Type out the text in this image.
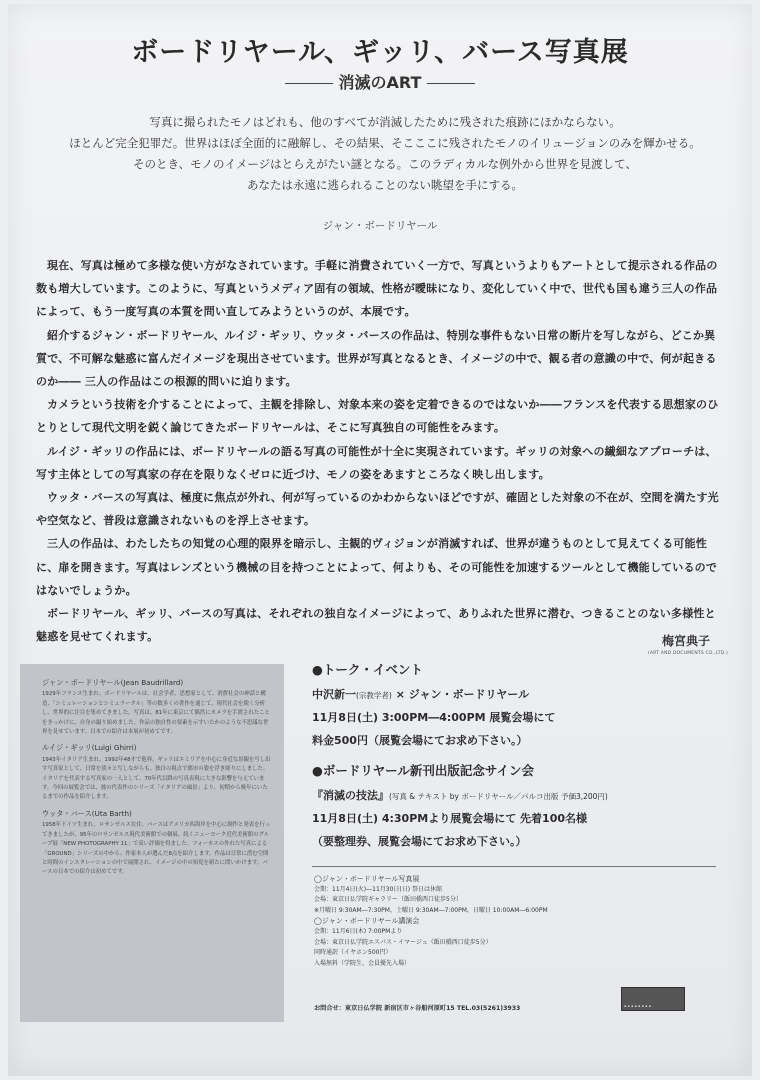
ボードリヤール、ギッリ、バース写真展
消滅のART
写真に撮られたモノはどれも、他のすべてが消滅したために残された痕跡にほかならない。
ほとんど完全犯罪だ。世界はほぼ全面的に融解し、その結果、そこここに残されたモノのイリュージョンのみを輝かせる。
そのとき、モノのイメージはとらえがたい謎となる。このラディカルな例外から世界を見渡して、
あなたは永遠に逃られることのない眺望を手にする。
ジャン・ボードリヤール

現在、写真は極めて多様な使い方がなされています。手軽に消費されていく一方で、写真というよりもアートとして提示される作品の数も増大しています。このように、写真というメディア固有の領域、性格が曖昧になり、変化していく中で、世代も国も違う三人の作品によって、もう一度写真の本質を問い直してみようというのが、本展です。

紹介するジャン・ボードリヤール、ルイジ・ギッリ、ウッタ・バースの作品は、特別な事件もない日常の断片を写しながら、どこか異質で、不可解な魅惑に富んだイメージを現出させています。世界が写真となるとき、イメージの中で、観る者の意識の中で、何が起きるのか―― 三人の作品はこの根源的問いに迫ります。

カメラという技術を介することによって、主観を排除し、対象本来の姿を定着できるのではないか――フランスを代表する思想家のひとりとして現代文明を鋭く論じてきたボードリヤールは、そこに写真独自の可能性をみます。

ルイジ・ギッリの作品には、ボードリヤールの語る写真の可能性が十全に実現されています。ギッリの対象への繊細なアプローチは、写す主体としての写真家の存在を限りなくゼロに近づけ、モノの姿をあますところなく映し出します。

ウッタ・バースの写真は、極度に焦点が外れ、何が写っているのかわからないほどですが、確固とした対象の不在が、空間を満たす光や空気など、普段は意識されないものを浮上させます。

三人の作品は、わたしたちの知覚の心理的限界を暗示し、主観的ヴィジョンが消滅すれば、世界が違うものとして見えてくる可能性に、扉を開きます。写真はレンズという機械の目を持つことによって、何よりも、その可能性を加速するツールとして機能しているのではないでしょうか。

ボードリヤール、ギッリ、バースの写真は、それぞれの独自なイメージによって、ありふれた世界に潜む、つきることのない多様性と魅惑を見せてくれます。	梅宮典子
(ART AND DOCUMENTS CO.,LTD.)
ジャン・ボードリヤール(Jean Baudrillard)
1929年フランス生まれ。ボードリヤールは、社会学者、思想家として、消費社会の神話と構造、「シミュレーションとシミュラークル」等の数多くの著作を通じて、現代社会を鋭く分析し、世界的に注目を集めてきました。写真は、81年に東京にて偶然にカメラを手渡されたことをきっかけに、自身の撮り始めました。作品の独自性の要素を示すいたかのような不思議な世界を見せています。日本での紹介は本展が初めてです。
ルイジ・ギッリ(Luigi Ghirri)
1943年イタリア生まれ。1992年48才で他界。ギッリはエミリアを中心に身近な景観を写し出す写真家として、日常を淡々と写しながらも、独自の視点で都市の姿を浮き彫りにしました。イタリアを代表する写真家の一人として、70年代以降の写真表現に大きな影響を与えています。今回の展覧会では、彼の代表作のシリーズ「イタリアの風景」より、初期から晩年にいたるまでの作品を紹介します。
ウッタ・バース(Uta Barth)
1958年ドイツ生まれ。ロサンゼルス在住。バースはアメリカ西海岸を中心に制作と発表を行ってきましたが、95年のロサンゼルス現代美術館での個展、続くニューヨーク近代美術館のグループ展「NEW PHOTOGRAPHY 11」で高い評価を得ました。フォーカスの外れた写真による「GROUND」シリーズの中から、作家本人が選んだ8点を紹介します。作品は日常に潜む空間と時間のインスタレーションの中で展開され、イメージの中の知覚を新たに問いかけます。バースの日本での紹介は初めてです。
●トーク・イベント
中沢新一(宗教学者) × ジャン・ボードリヤール
11月8日(土) 3:00PM―4:00PM 展覧会場にて
料金500円（展覧会場にてお求め下さい。）
●ボードリヤール新刊出版記念サイン会
『消滅の技法』(写真 & テキスト by ボードリヤール／パルコ出版 予価3,200円)
11月8日(土) 4:30PMより展覧会場にて 先着100名様
（要整理券、展覧会場にてお求め下さい。）
◯ジャン・ボードリヤール写真展
会期：11月4日(火)―11月30日(日) 祭日は休館
会場：東京日仏学院ギャラリー（飯田橋西口徒歩5分）
※月曜日 9:30AM―7:30PM、土曜日 9:30AM―7:00PM、日曜日 10:00AM―6:00PM
◯ジャン・ボードリヤール講演会
会期：11月6日(木) 7:00PMより
会場：東京日仏学院エスパス・イマージュ（飯田橋西口徒歩5分）
同時通訳（イヤホン500円）
入場無料（学院生、会員優先入場）
お問合せ：東京日仏学院 新宿区市ヶ谷船河原町15 TEL.03(5261)3933	▪▪▪▪▪▪▪▪
